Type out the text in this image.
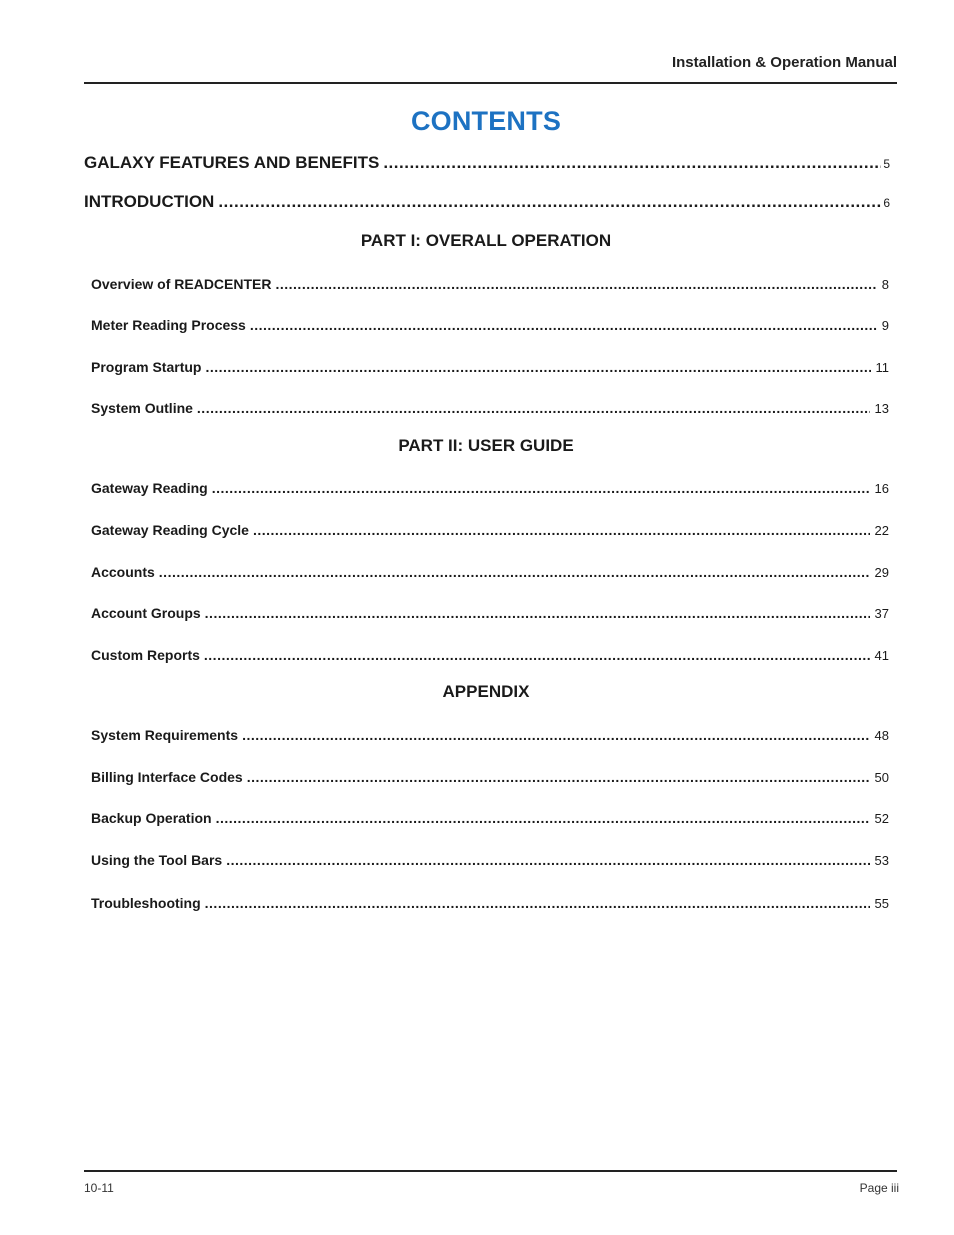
Installation & Operation Manual
CONTENTS
GALAXY FEATURES AND BENEFITS .....	5
INTRODUCTION .....	6
PART I: OVERALL OPERATION
Overview of READCENTER .....	8
Meter Reading Process .....	9
Program Startup .....	11
System Outline .....	13
PART II: USER GUIDE
Gateway Reading .....	16
Gateway Reading Cycle .....	22
Accounts .....	29
Account Groups .....	37
Custom Reports .....	41
APPENDIX
System Requirements .....	48
Billing Interface Codes .....	50
Backup Operation .....	52
Using the Tool Bars .....	53
Troubleshooting .....	55
10-11	Page iii
